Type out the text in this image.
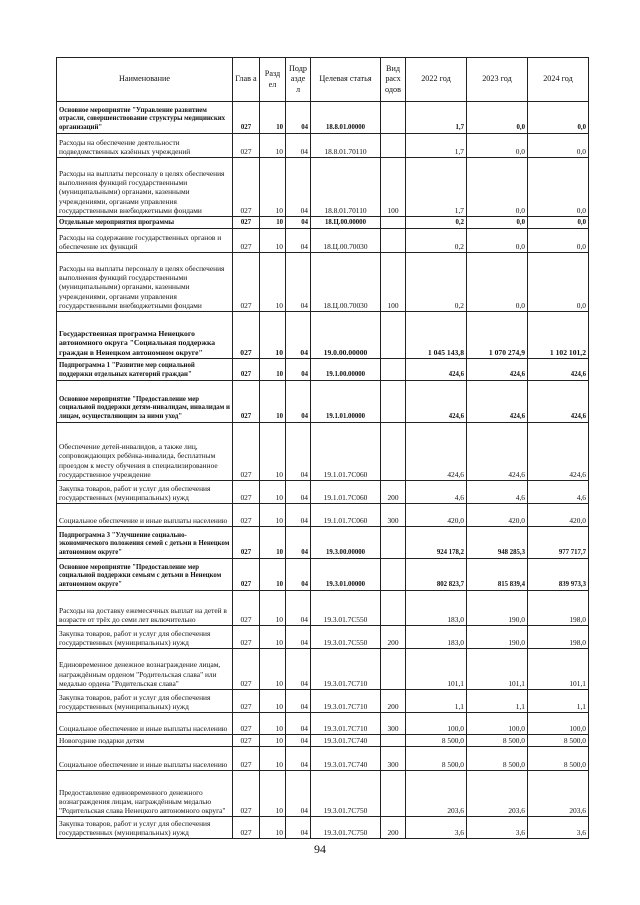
Наименование	Глав а	Разд ел	Подр азде л	Целевая статья	Вид расх одов	2022 год	2023 год	2024 год
Основное мероприятие "Управление развитием отрасли, совершенствование структуры медицинских организаций"	027	10	04	18.8.01.00000		1,7	0,0	0,0
Расходы на обеспечение деятельности подведомственных казённых учреждений	027	10	04	18.8.01.70110		1,7	0,0	0,0
Расходы на выплаты персоналу в целях обеспечения выполнения функций государственными (муниципальными) органами, казенными учреждениями, органами управления государственными внебюджетными фондами	027	10	04	18.8.01.70110	100	1,7	0,0	0,0
Отдельные мероприятия программы	027	10	04	18.Ц.00.00000		0,2	0,0	0,0
Расходы на содержание государственных органов и обеспечение их функций	027	10	04	18.Ц.00.70030		0,2	0,0	0,0
Расходы на выплаты персоналу в целях обеспечения выполнения функций государственными (муниципальными) органами, казенными учреждениями, органами управления государственными внебюджетными фондами	027	10	04	18.Ц.00.70030	100	0,2	0,0	0,0
Государственная программа Ненецкого автономного округа "Социальная поддержка граждан в Ненецком автономном округе"	027	10	04	19.0.00.00000		1 045 143,8	1 070 274,9	1 102 101,2
Подпрограмма 1 "Развитие мер социальной поддержки отдельных категорий граждан"	027	10	04	19.1.00.00000		424,6	424,6	424,6
Основное мероприятие "Предоставление мер социальной поддержки детям-инвалидам, инвалидам и лицам, осуществляющим за ними уход"	027	10	04	19.1.01.00000		424,6	424,6	424,6
Обеспечение детей-инвалидов, а также лиц, сопровождающих ребёнка-инвалида, бесплатным проездом к месту обучения в специализированное государственное учреждение	027	10	04	19.1.01.7С060		424,6	424,6	424,6
Закупка товаров, работ и услуг для обеспечения государственных (муниципальных) нужд	027	10	04	19.1.01.7С060	200	4,6	4,6	4,6
Социальное обеспечение и иные выплаты населению	027	10	04	19.1.01.7С060	300	420,0	420,0	420,0
Подпрограмма 3 "Улучшение социально-экономического положения семей с детьми в Ненецком автономном округе"	027	10	04	19.3.00.00000		924 178,2	948 285,3	977 717,7
Основное мероприятие "Предоставление мер социальной поддержки семьям с детьми в Ненецком автономном округе"	027	10	04	19.3.01.00000		802 823,7	815 839,4	839 973,3
Расходы на доставку ежемесячных выплат на детей в возрасте от трёх до семи лет включительно	027	10	04	19.3.01.7С550		183,0	190,0	198,0
Закупка товаров, работ и услуг для обеспечения государственных (муниципальных) нужд	027	10	04	19.3.01.7С550	200	183,0	190,0	198,0
Единовременное денежное вознаграждение лицам, награждённым орденом "Родительская слава" или медалью ордена "Родительская слава"	027	10	04	19.3.01.7С710		101,1	101,1	101,1
Закупка товаров, работ и услуг для обеспечения государственных (муниципальных) нужд	027	10	04	19.3.01.7С710	200	1,1	1,1	1,1
Социальное обеспечение и иные выплаты населению	027	10	04	19.3.01.7С710	300	100,0	100,0	100,0
Новогодние подарки детям	027	10	04	19.3.01.7С740		8 500,0	8 500,0	8 500,0
Социальное обеспечение и иные выплаты населению	027	10	04	19.3.01.7С740	300	8 500,0	8 500,0	8 500,0
Предоставление единовременного денежного вознаграждения лицам, награждённым медалью "Родительская слава Ненецкого автономного округа"	027	10	04	19.3.01.7С750		203,6	203,6	203,6
Закупка товаров, работ и услуг для обеспечения государственных (муниципальных) нужд	027	10	04	19.3.01.7С750	200	3,6	3,6	3,6
94
